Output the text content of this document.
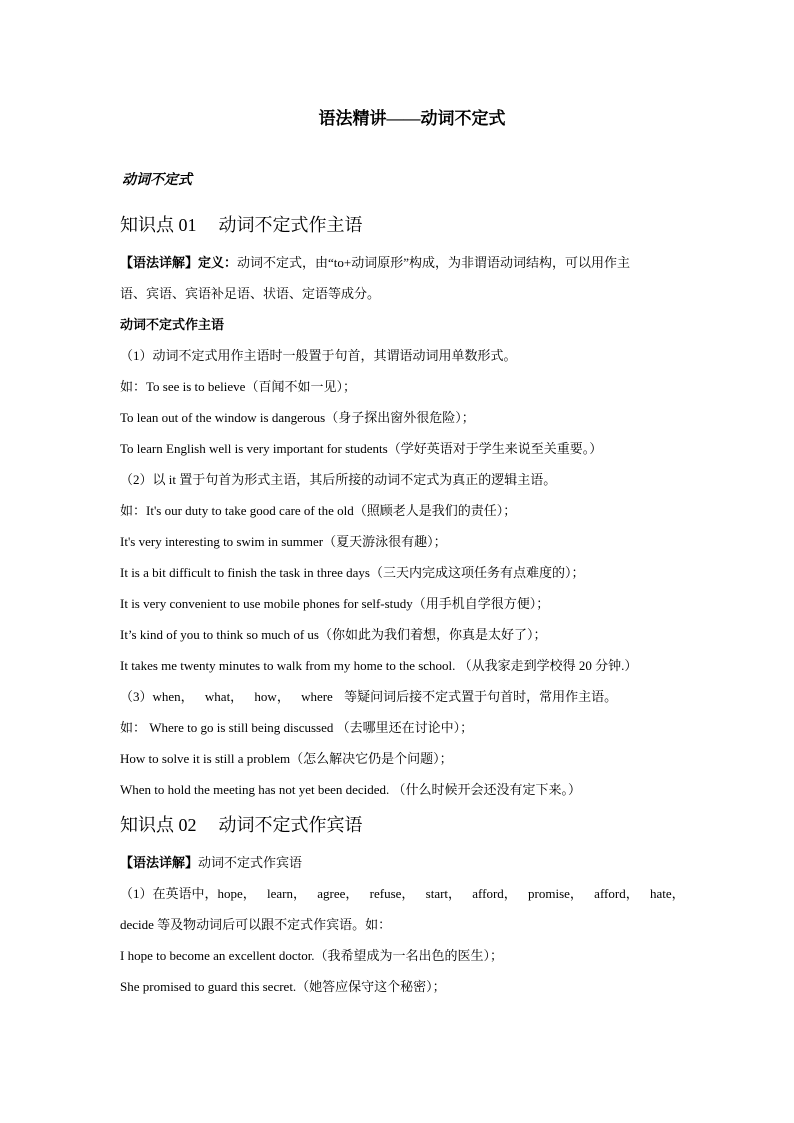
语法精讲——动词不定式
动词不定式
知识点 01 动词不定式作主语

【语法详解】定义：动词不定式，由“to+动词原形”构成，为非谓语动词结构，可以用作主

语、宾语、宾语补足语、状语、定语等成分。

动词不定式作主语

（1）动词不定式用作主语时一般置于句首，其谓语动词用单数形式。

如：To see is to believe（百闻不如一见）；

To lean out of the window is dangerous（身子探出窗外很危险）；

To learn English well is very important for students（学好英语对于学生来说至关重要。）

（2）以 it 置于句首为形式主语，其后所接的动词不定式为真正的逻辑主语。

如：It's our duty to take good care of the old（照顾老人是我们的责任）；

It's very interesting to swim in summer（夏天游泳很有趣）；

It is a bit difficult to finish the task in three days（三天内完成这项任务有点难度的）；

It is very convenient to use mobile phones for self-study（用手机自学很方便）；

It’s kind of you to think so much of us（你如此为我们着想，你真是太好了）；

It takes me twenty minutes to walk from my home to the school. （从我家走到学校得 20 分钟.）

（3）when， what， how， where 等疑问词后接不定式置于句首时，常用作主语。

如： Where to go is still being discussed （去哪里还在讨论中）；

How to solve it is still a problem（怎么解决它仍是个问题）；

When to hold the meeting has not yet been decided. （什么时候开会还没有定下来。）

知识点 02 动词不定式作宾语

【语法详解】动词不定式作宾语

（1）在英语中，hope， learn， agree， refuse， start， afford， promise， afford， hate，

decide 等及物动词后可以跟不定式作宾语。如：

I hope to become an excellent doctor.（我希望成为一名出色的医生）；

She promised to guard this secret.（她答应保守这个秘密）；
